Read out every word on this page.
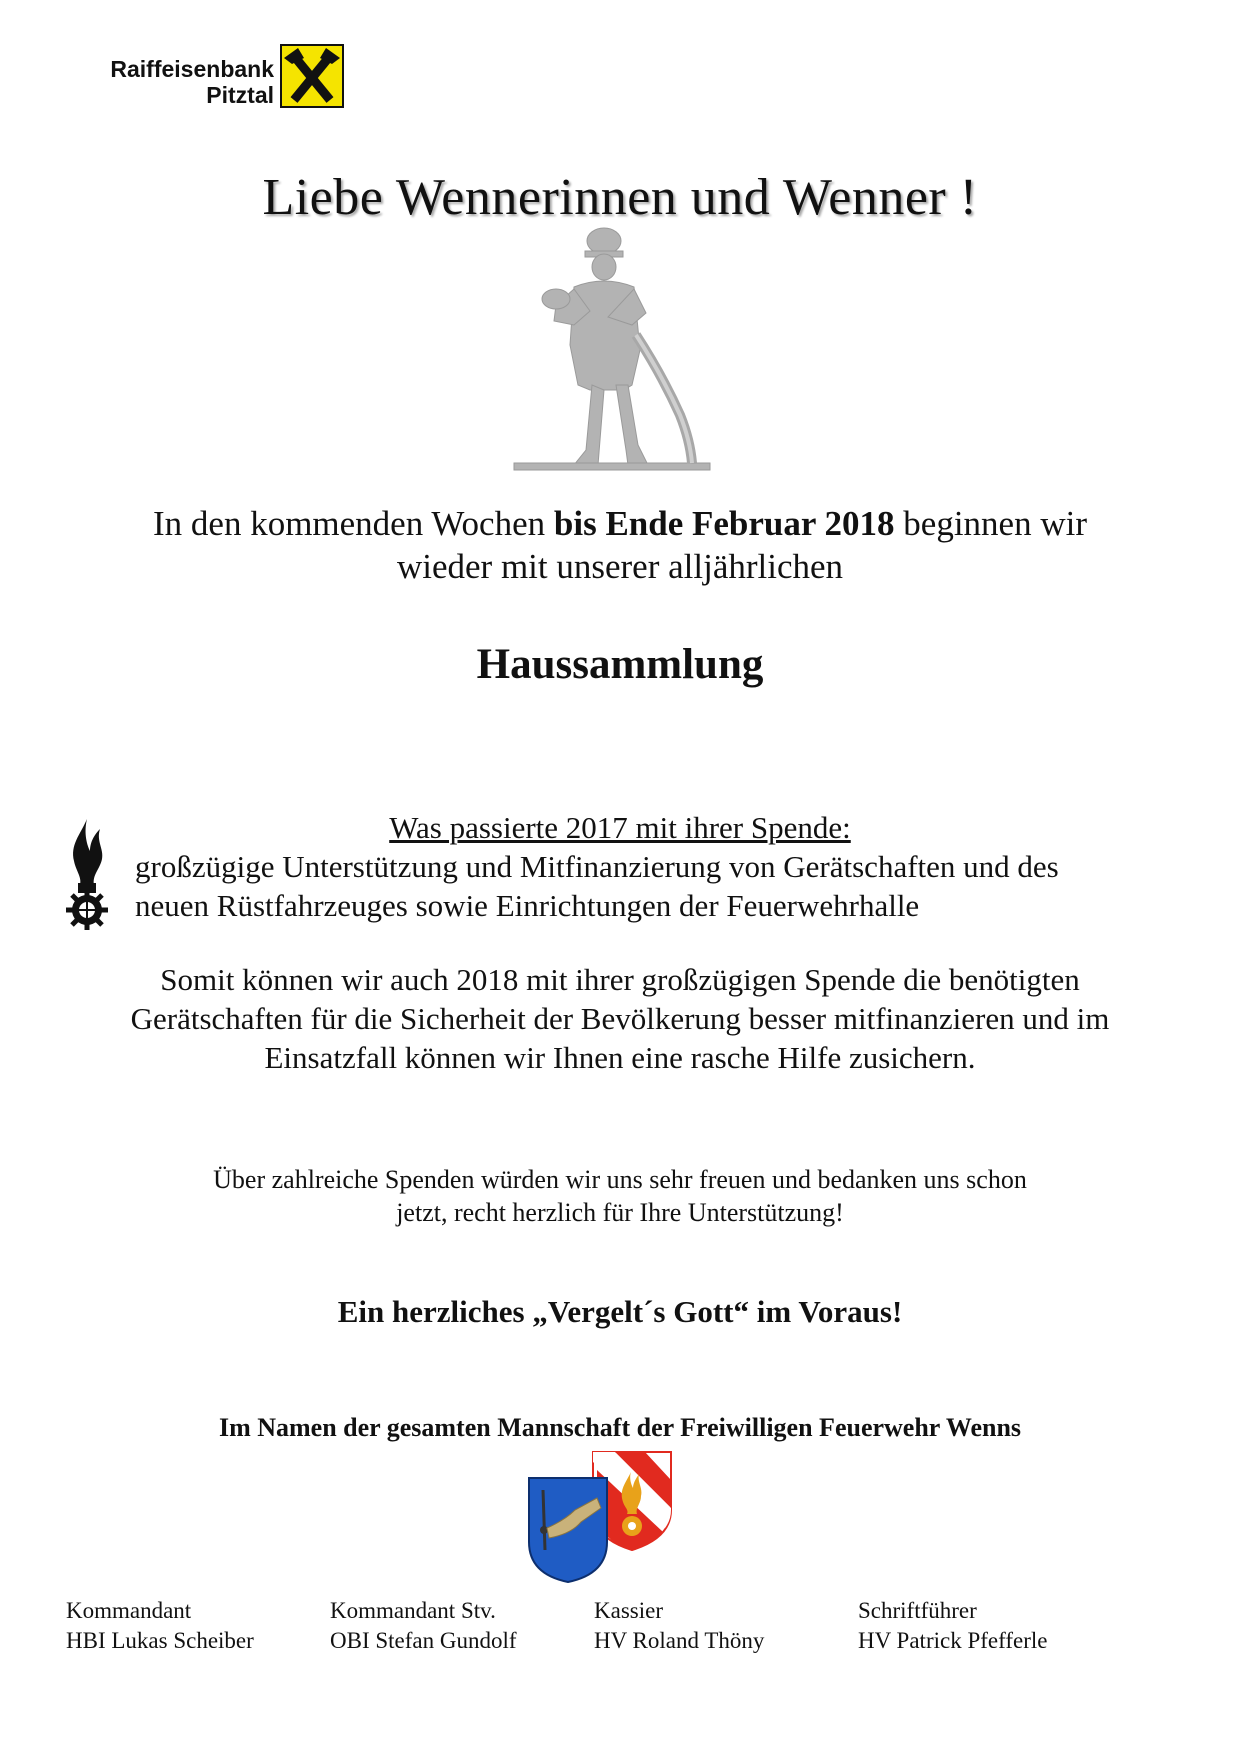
Raiffeisenbank
Pitztal
Liebe Wennerinnen und Wenner !
In den kommenden Wochen bis Ende Februar 2018 beginnen wir
wieder mit unserer alljährlichen
Haussammlung
Was passierte 2017 mit ihrer Spende:
großzügige Unterstützung und Mitfinanzierung von Gerätschaften und des
neuen Rüstfahrzeuges sowie Einrichtungen der Feuerwehrhalle
Somit können wir auch 2018 mit ihrer großzügigen Spende die benötigten
Gerätschaften für die Sicherheit der Bevölkerung besser mitfinanzieren und im
Einsatzfall können wir Ihnen eine rasche Hilfe zusichern.
Über zahlreiche Spenden würden wir uns sehr freuen und bedanken uns schon
jetzt, recht herzlich für Ihre Unterstützung!
Ein herzliches „Vergelt´s Gott“ im Voraus!
Im Namen der gesamten Mannschaft der Freiwilligen Feuerwehr Wenns
Kommandant
HBI Lukas Scheiber
Kommandant Stv.
OBI Stefan Gundolf
Kassier
HV Roland Thöny
Schriftführer
HV Patrick Pfefferle
